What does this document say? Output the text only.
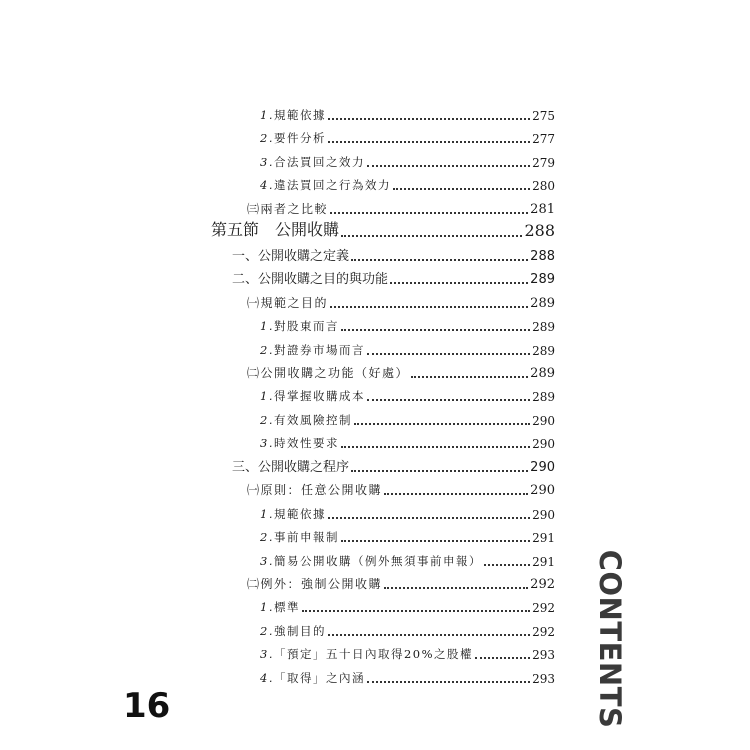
1.規範依據	275
2.要件分析	277
3.合法買回之效力	279
4.違法買回之行為效力	280
㈢兩者之比較	281
第五節　公開收購	288
一、公開收購之定義	288
二、公開收購之目的與功能	289
㈠規範之目的	289
1.對股東而言	289
2.對證券市場而言	289
㈡公開收購之功能（好處）	289
1.得掌握收購成本	289
2.有效風險控制	290
3.時效性要求	290
三、公開收購之程序	290
㈠原則：任意公開收購	290
1.規範依據	290
2.事前申報制	291
3.簡易公開收購（例外無須事前申報）	291
㈡例外：強制公開收購	292
1.標準	292
2.強制目的	292
3.「預定」五十日內取得20%之股權	293
4.「取得」之內涵	293
16	CONTENTS
